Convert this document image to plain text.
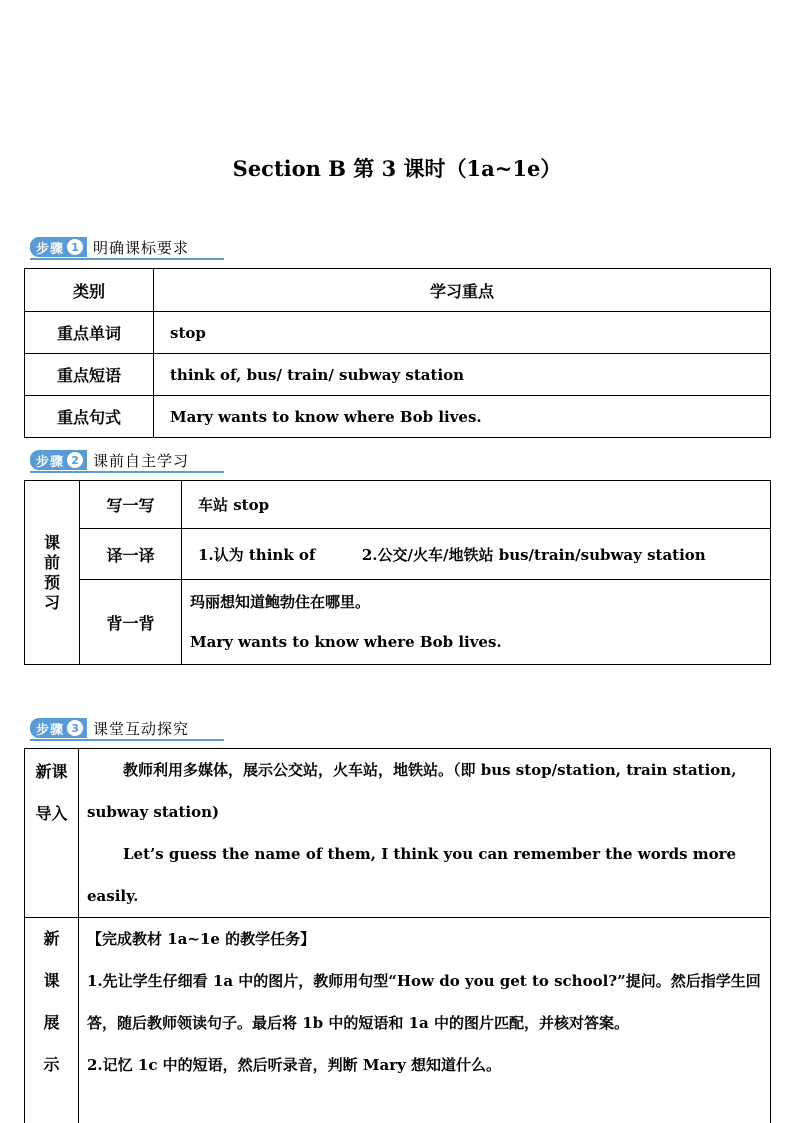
Section B 第 3 课时（1a~1e）
步骤 1 明确课标要求
类别	学习重点
重点单词	stop
重点短语	think of, bus/ train/ subway station
重点句式	Mary wants to know where Bob lives.
步骤 2 课前自主学习
课
前
预
习	写一写	车站 stop
	译一译	1.认为 think of 2.公交/火车/地铁站 bus/train/subway station
	背一背	玛丽想知道鲍勃住在哪里。
Mary wants to know where Bob lives.
步骤 3 课堂互动探究
新课
导入	教师利用多媒体，展示公交站，火车站，地铁站。（即 bus stop/station, train station, subway station)
Let’s guess the name of them, I think you can remember the words more easily.

新
课
展
示	【完成教材 1a~1e 的教学任务】
1.先让学生仔细看 1a 中的图片，教师用句型“How do you get to school?”提问。然后指学生回答，随后教师领读句子。最后将 1b 中的短语和 1a 中的图片匹配，并核对答案。
2.记忆 1c 中的短语，然后听录音，判断 Mary 想知道什么。
